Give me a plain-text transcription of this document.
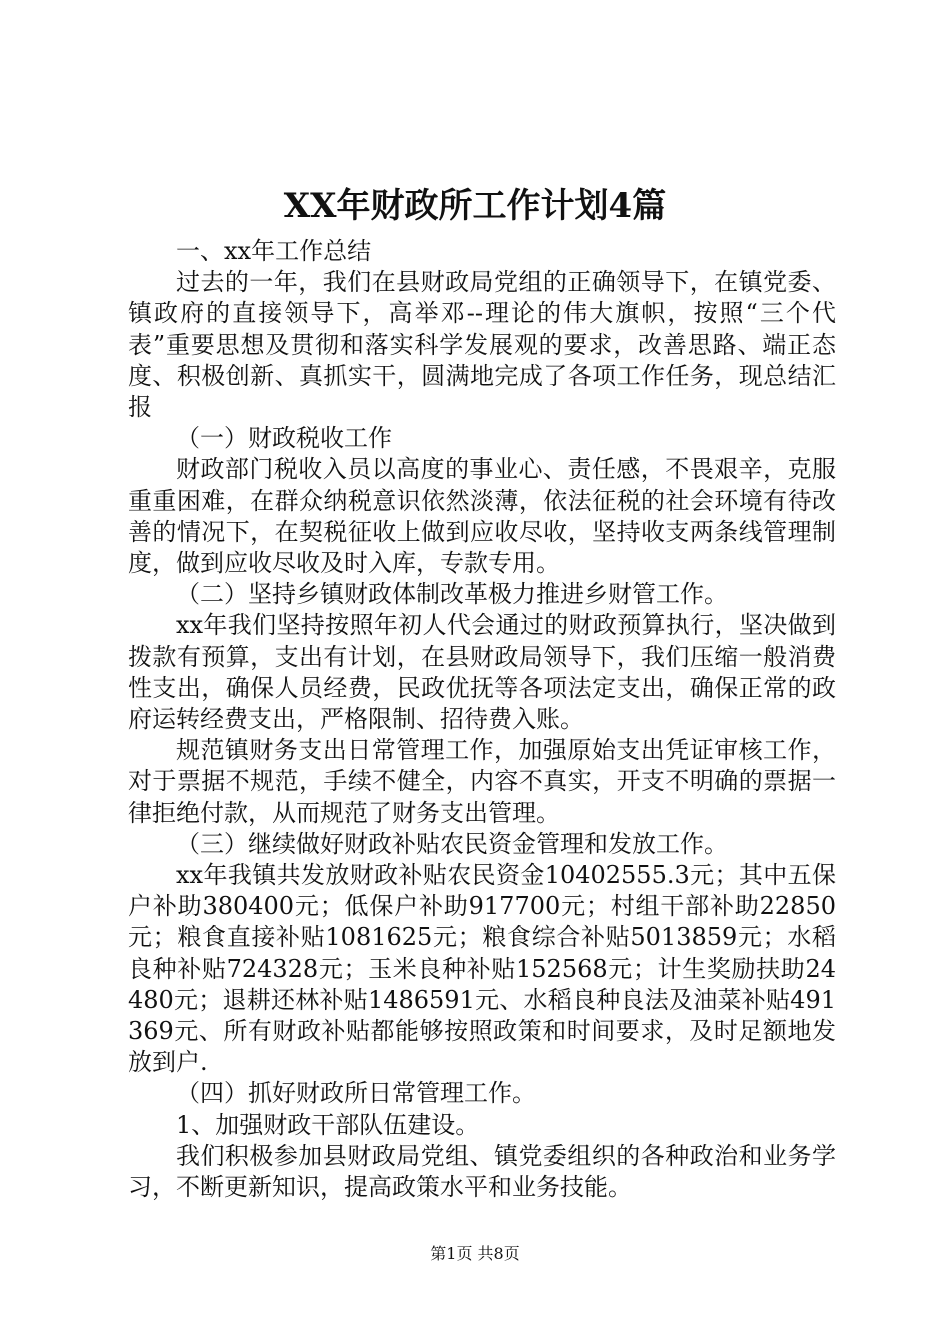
XX年财政所工作计划4篇

一、xx年工作总结

过去的一年，我们在县财政局党组的正确领导下，在镇党委、镇政府的直接领导下，高举邓--理论的伟大旗帜，按照“三个代表”重要思想及贯彻和落实科学发展观的要求，改善思路、端正态度、积极创新、真抓实干，圆满地完成了各项工作任务，现总结汇报

（一）财政税收工作

财政部门税收入员以高度的事业心、责任感，不畏艰辛，克服重重困难，在群众纳税意识依然淡薄，依法征税的社会环境有待改善的情况下，在契税征收上做到应收尽收，坚持收支两条线管理制度，做到应收尽收及时入库，专款专用。

（二）坚持乡镇财政体制改革极力推进乡财管工作。

xx年我们坚持按照年初人代会通过的财政预算执行，坚决做到拨款有预算，支出有计划，在县财政局领导下，我们压缩一般消费性支出，确保人员经费，民政优抚等各项法定支出，确保正常的政府运转经费支出，严格限制、招待费入账。

规范镇财务支出日常管理工作，加强原始支出凭证审核工作，对于票据不规范，手续不健全，内容不真实，开支不明确的票据一律拒绝付款，从而规范了财务支出管理。

（三）继续做好财政补贴农民资金管理和发放工作。

xx年我镇共发放财政补贴农民资金10402555.3元；其中五保户补助380400元；低保户补助917700元；村组干部补助22850元；粮食直接补贴1081625元；粮食综合补贴5013859元；水稻良种补贴724328元；玉米良种补贴152568元；计生奖励扶助24480元；退耕还林补贴1486591元、水稻良种良法及油菜补贴491369元、所有财政补贴都能够按照政策和时间要求，及时足额地发放到户.

（四）抓好财政所日常管理工作。

1、加强财政干部队伍建设。

我们积极参加县财政局党组、镇党委组织的各种政治和业务学习，不断更新知识，提高政策水平和业务技能。

第1页 共8页
